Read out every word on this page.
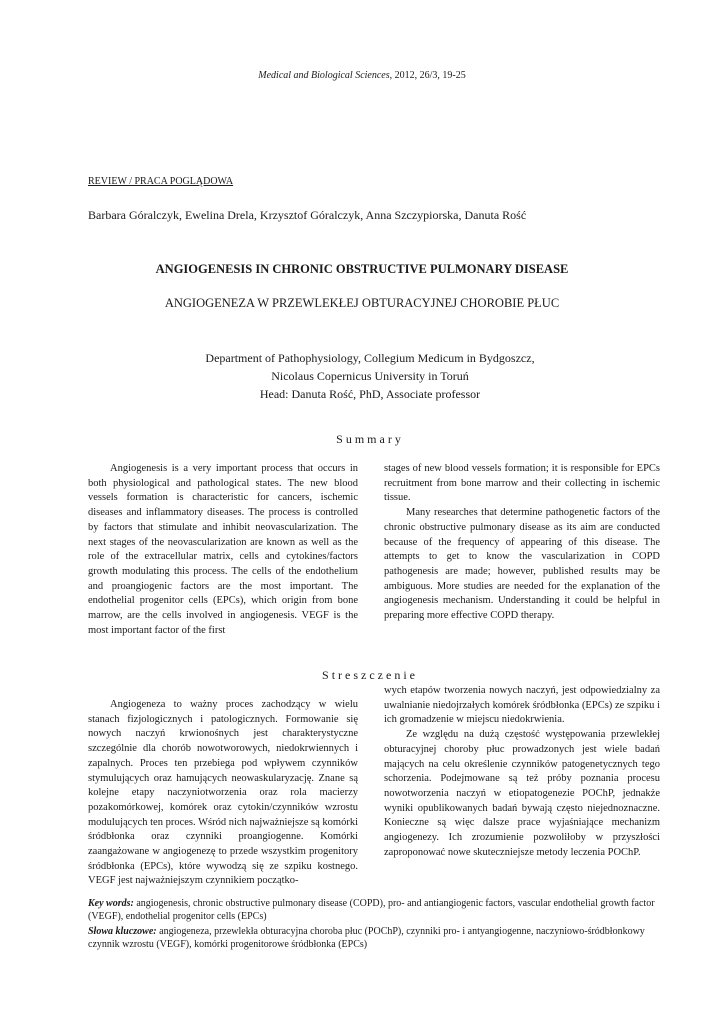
Medical and Biological Sciences, 2012, 26/3, 19-25
REVIEW / PRACA POGLĄDOWA
Barbara Góralczyk, Ewelina Drela, Krzysztof Góralczyk, Anna Szczypiorska, Danuta Rość
ANGIOGENESIS IN CHRONIC OBSTRUCTIVE PULMONARY DISEASE
ANGIOGENEZA W PRZEWLEKŁEJ OBTURACYJNEJ CHOROBIE PŁUC
Department of Pathophysiology, Collegium Medicum in Bydgoszcz,
Nicolaus Copernicus University in Toruń
Head: Danuta Rość, PhD, Associate professor
Summary

Angiogenesis is a very important process that occurs in both physiological and pathological states. The new blood vessels formation is characteristic for cancers, ischemic diseases and inflammatory diseases. The process is controlled by factors that stimulate and inhibit neovascularization. The next stages of the neovascularization are known as well as the role of the extracellular matrix, cells and cytokines/factors growth modulating this process. The cells of the endothelium and proangiogenic factors are the most important. The endothelial progenitor cells (EPCs), which origin from bone marrow, are the cells involved in angiogenesis. VEGF is the most important factor of the first

stages of new blood vessels formation; it is responsible for EPCs recruitment from bone marrow and their collecting in ischemic tissue.

Many researches that determine pathogenetic factors of the chronic obstructive pulmonary disease as its aim are conducted because of the frequency of appearing of this disease. The attempts to get to know the vascularization in COPD pathogenesis are made; however, published results may be ambiguous. More studies are needed for the explanation of the angiogenesis mechanism. Understanding it could be helpful in preparing more effective COPD therapy.

Streszczenie

Angiogeneza to ważny proces zachodzący w wielu stanach fizjologicznych i patologicznych. Formowanie się nowych naczyń krwionośnych jest charakterystyczne szczególnie dla chorób nowotworowych, niedokrwiennych i zapalnych. Proces ten przebiega pod wpływem czynników stymulujących oraz hamujących neowaskularyzację. Znane są kolejne etapy naczyniotworzenia oraz rola macierzy pozakomórkowej, komórek oraz cytokin/czynników wzrostu modulujących ten proces. Wśród nich najważniejsze są komórki śródbłonka oraz czynniki proangiogenne. Komórki zaangażowane w angiogenezę to przede wszystkim progenitory śródbłonka (EPCs), które wywodzą się ze szpiku kostnego. VEGF jest najważniejszym czynnikiem początko-

wych etapów tworzenia nowych naczyń, jest odpowiedzialny za uwalnianie niedojrzałych komórek śródbłonka (EPCs) ze szpiku i ich gromadzenie w miejscu niedokrwienia.

Ze względu na dużą częstość występowania przewlekłej obturacyjnej choroby płuc prowadzonych jest wiele badań mających na celu określenie czynników patogenetycznych tego schorzenia. Podejmowane są też próby poznania procesu nowotworzenia naczyń w etiopatogenezie POChP, jednakże wyniki opublikowanych badań bywają często niejednoznaczne. Konieczne są więc dalsze prace wyjaśniające mechanizm angiogenezy. Ich zrozumienie pozwoliłoby w przyszłości zaproponować nowe skuteczniejsze metody leczenia POChP.

Key words: angiogenesis, chronic obstructive pulmonary disease (COPD), pro- and antiangiogenic factors, vascular endothelial growth factor (VEGF), endothelial progenitor cells (EPCs)
Słowa kluczowe: angiogeneza, przewlekła obturacyjna choroba płuc (POChP), czynniki pro- i antyangiogenne, naczyniowo-śródbłonkowy czynnik wzrostu (VEGF), komórki progenitorowe śródbłonka (EPCs)
